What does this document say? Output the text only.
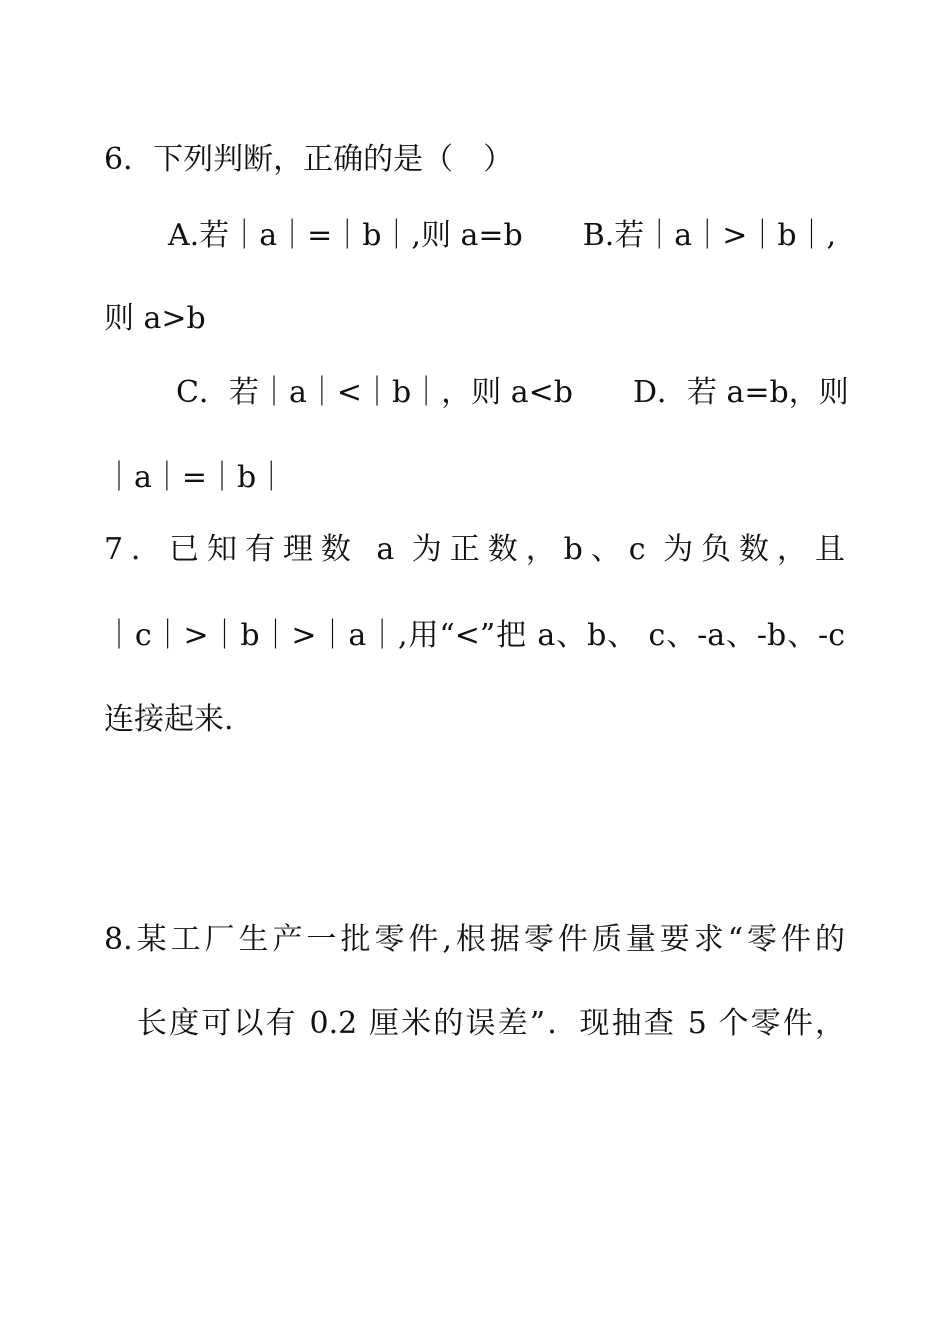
6．下列判断，正确的是（　）
A.若｜a｜=｜b｜,则 a=b　　B.若｜a｜>｜b｜,
则 a>b
C．若｜a｜<｜b｜，则 a<b　　D．若 a=b，则
｜a｜=｜b｜
7．已知有理数 a 为正数，b、c 为负数，且
｜c｜>｜b｜>｜a｜,用“<”把 a、b、 c、-a、-b、-c
连接起来.
8.某工厂生产一批零件,根据零件质量要求“零件的
长度可以有 0.2 厘米的误差”．现抽查 5 个零件，
